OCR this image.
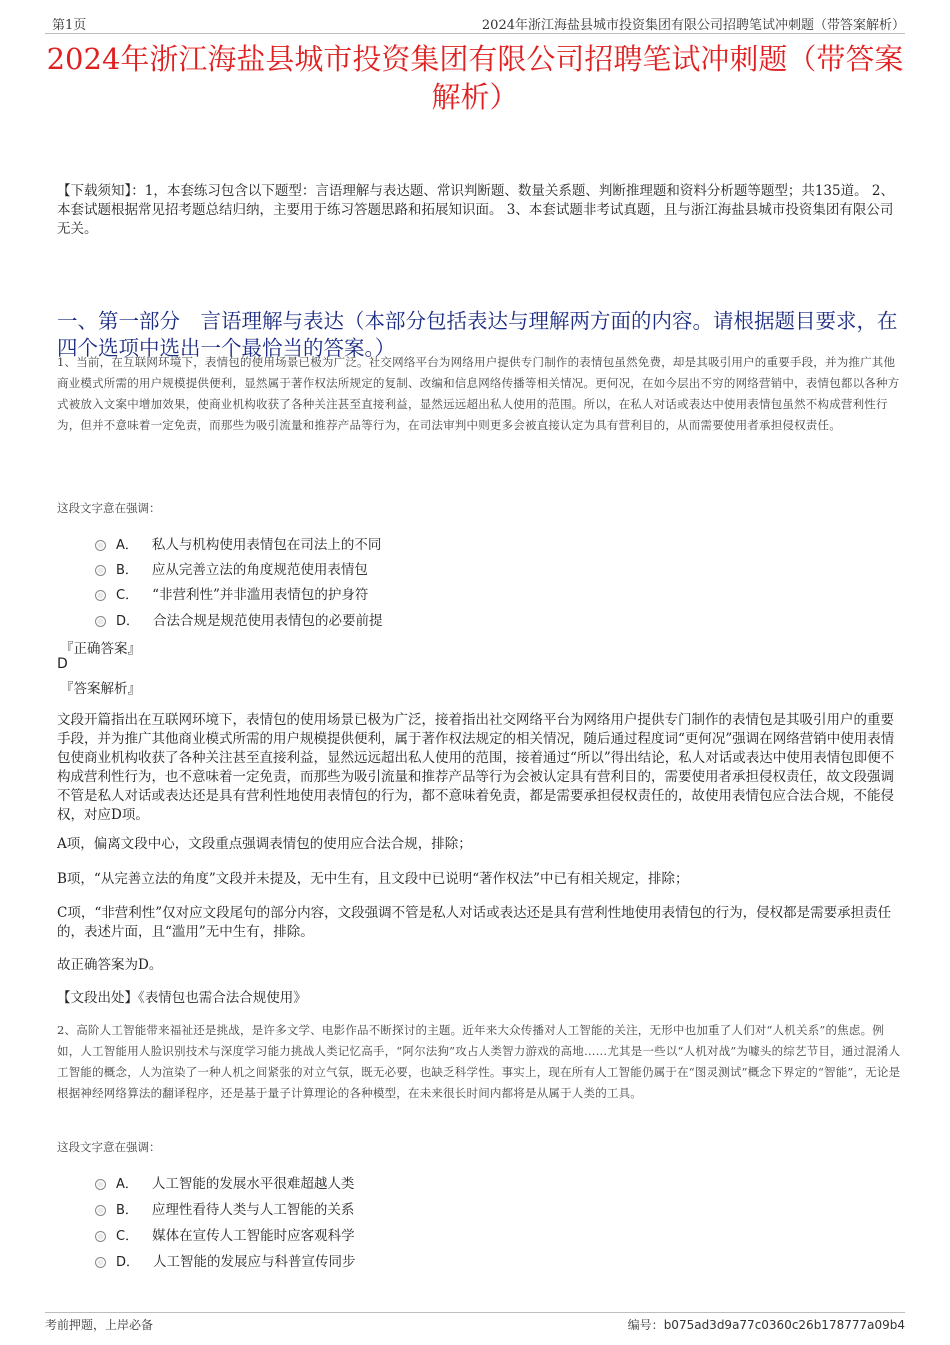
第1页	2024年浙江海盐县城市投资集团有限公司招聘笔试冲刺题（带答案解析）
2024年浙江海盐县城市投资集团有限公司招聘笔试冲刺题（带答案解析）
【下载须知】：1，本套练习包含以下题型：言语理解与表达题、常识判断题、数量关系题、判断推理题和资料分析题等题型；共135道。 2、本套试题根据常见招考题总结归纳，主要用于练习答题思路和拓展知识面。 3、本套试题非考试真题，且与浙江海盐县城市投资集团有限公司无关。
一、第一部分　言语理解与表达（本部分包括表达与理解两方面的内容。请根据题目要求，在四个选项中选出一个最恰当的答案。）
1、当前，在互联网环境下，表情包的使用场景已极为广泛。社交网络平台为网络用户提供专门制作的表情包虽然免费，却是其吸引用户的重要手段，并为推广其他商业模式所需的用户规模提供便利，显然属于著作权法所规定的复制、改编和信息网络传播等相关情况。更何况，在如今层出不穷的网络营销中，表情包都以各种方式被放入文案中增加效果，使商业机构收获了各种关注甚至直接利益，显然远远超出私人使用的范围。所以，在私人对话或表达中使用表情包虽然不构成营利性行为，但并不意味着一定免责，而那些为吸引流量和推荐产品等行为，在司法审判中则更多会被直接认定为具有营利目的，从而需要使用者承担侵权责任。
这段文字意在强调：
A． 私人与机构使用表情包在司法上的不同
B． 应从完善立法的角度规范使用表情包
C． “非营利性”并非滥用表情包的护身符
D． 合法合规是规范使用表情包的必要前提
『正确答案』
D
『答案解析』
文段开篇指出在互联网环境下，表情包的使用场景已极为广泛，接着指出社交网络平台为网络用户提供专门制作的表情包是其吸引用户的重要手段，并为推广其他商业模式所需的用户规模提供便利，属于著作权法规定的相关情况，随后通过程度词“更何况”强调在网络营销中使用表情包使商业机构收获了各种关注甚至直接利益，显然远远超出私人使用的范围，接着通过“所以”得出结论，私人对话或表达中使用表情包即便不构成营利性行为，也不意味着一定免责，而那些为吸引流量和推荐产品等行为会被认定具有营利目的，需要使用者承担侵权责任，故文段强调不管是私人对话或表达还是具有营利性地使用表情包的行为，都不意味着免责，都是需要承担侵权责任的，故使用表情包应合法合规，不能侵权，对应D项。
A项，偏离文段中心，文段重点强调表情包的使用应合法合规，排除；
B项，“从完善立法的角度”文段并未提及，无中生有，且文段中已说明“著作权法”中已有相关规定，排除；
C项，“非营利性”仅对应文段尾句的部分内容，文段强调不管是私人对话或表达还是具有营利性地使用表情包的行为，侵权都是需要承担责任的，表述片面，且“滥用”无中生有，排除。
故正确答案为D。
【文段出处】《表情包也需合法合规使用》
2、高阶人工智能带来福祉还是挑战，是许多文学、电影作品不断探讨的主题。近年来大众传播对人工智能的关注，无形中也加重了人们对“人机关系”的焦虑。例如，人工智能用人脸识别技术与深度学习能力挑战人类记忆高手，“阿尔法狗”攻占人类智力游戏的高地……尤其是一些以“人机对战”为噱头的综艺节目，通过混淆人工智能的概念，人为渲染了一种人机之间紧张的对立气氛，既无必要，也缺乏科学性。事实上，现在所有人工智能仍属于在“图灵测试”概念下界定的“智能”，无论是根据神经网络算法的翻译程序，还是基于量子计算理论的各种模型，在未来很长时间内都将是从属于人类的工具。
这段文字意在强调：
A． 人工智能的发展水平很难超越人类
B． 应理性看待人类与人工智能的关系
C． 媒体在宣传人工智能时应客观科学
D． 人工智能的发展应与科普宣传同步
考前押题，上岸必备	编号：b075ad3d9a77c0360c26b178777a09b4
